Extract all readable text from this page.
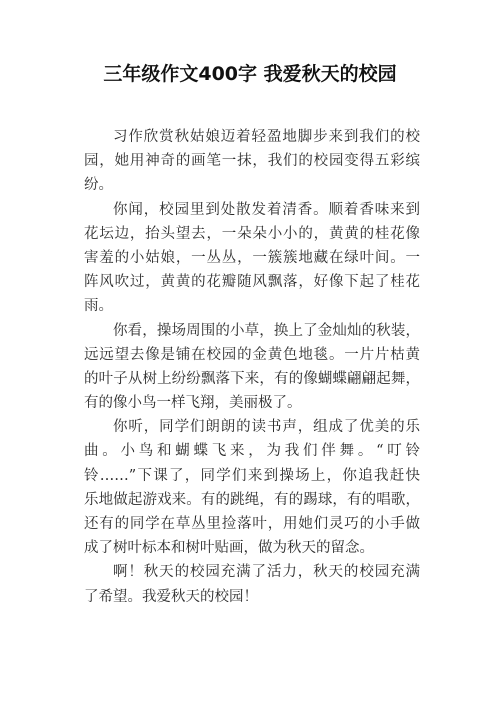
三年级作文400字 我爱秋天的校园
习作欣赏秋姑娘迈着轻盈地脚步来到我们的校
园，她用神奇的画笔一抹，我们的校园变得五彩缤
纷。
你闻，校园里到处散发着清香。顺着香味来到
花坛边，抬头望去，一朵朵小小的，黄黄的桂花像
害羞的小姑娘，一丛丛，一簇簇地藏在绿叶间。一
阵风吹过，黄黄的花瓣随风飘落，好像下起了桂花
雨。
你看，操场周围的小草，换上了金灿灿的秋装，
远远望去像是铺在校园的金黄色地毯。一片片枯黄
的叶子从树上纷纷飘落下来，有的像蝴蝶翩翩起舞，
有的像小鸟一样飞翔，美丽极了。
你听，同学们朗朗的读书声，组成了优美的乐
曲。小鸟和蝴蝶飞来，为我们伴舞。“叮铃
铃……”下课了，同学们来到操场上，你追我赶快
乐地做起游戏来。有的跳绳，有的踢球，有的唱歌，
还有的同学在草丛里捡落叶，用她们灵巧的小手做
成了树叶标本和树叶贴画，做为秋天的留念。
啊！秋天的校园充满了活力，秋天的校园充满
了希望。我爱秋天的校园！
